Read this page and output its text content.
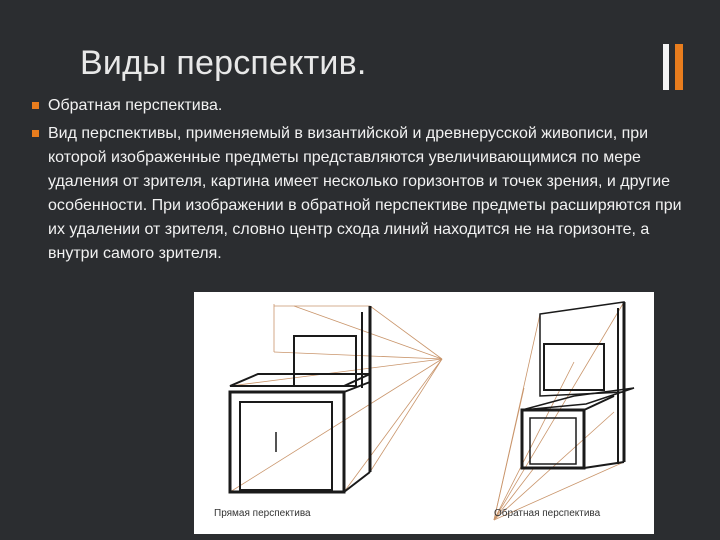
Виды перспектив.
Обратная перспектива.
Вид перспективы, применяемый в византийской и древнерусской живописи, при которой изображенные предметы представляются увеличивающимися по мере удаления от зрителя, картина имеет несколько горизонтов и точек зрения, и другие особенности. При изображении в обратной перспективе предметы расширяются при их удалении от зрителя, словно центр схода линий находится не на горизонте, а внутри самого зрителя.
Прямая перспектива	Обратная перспектива
